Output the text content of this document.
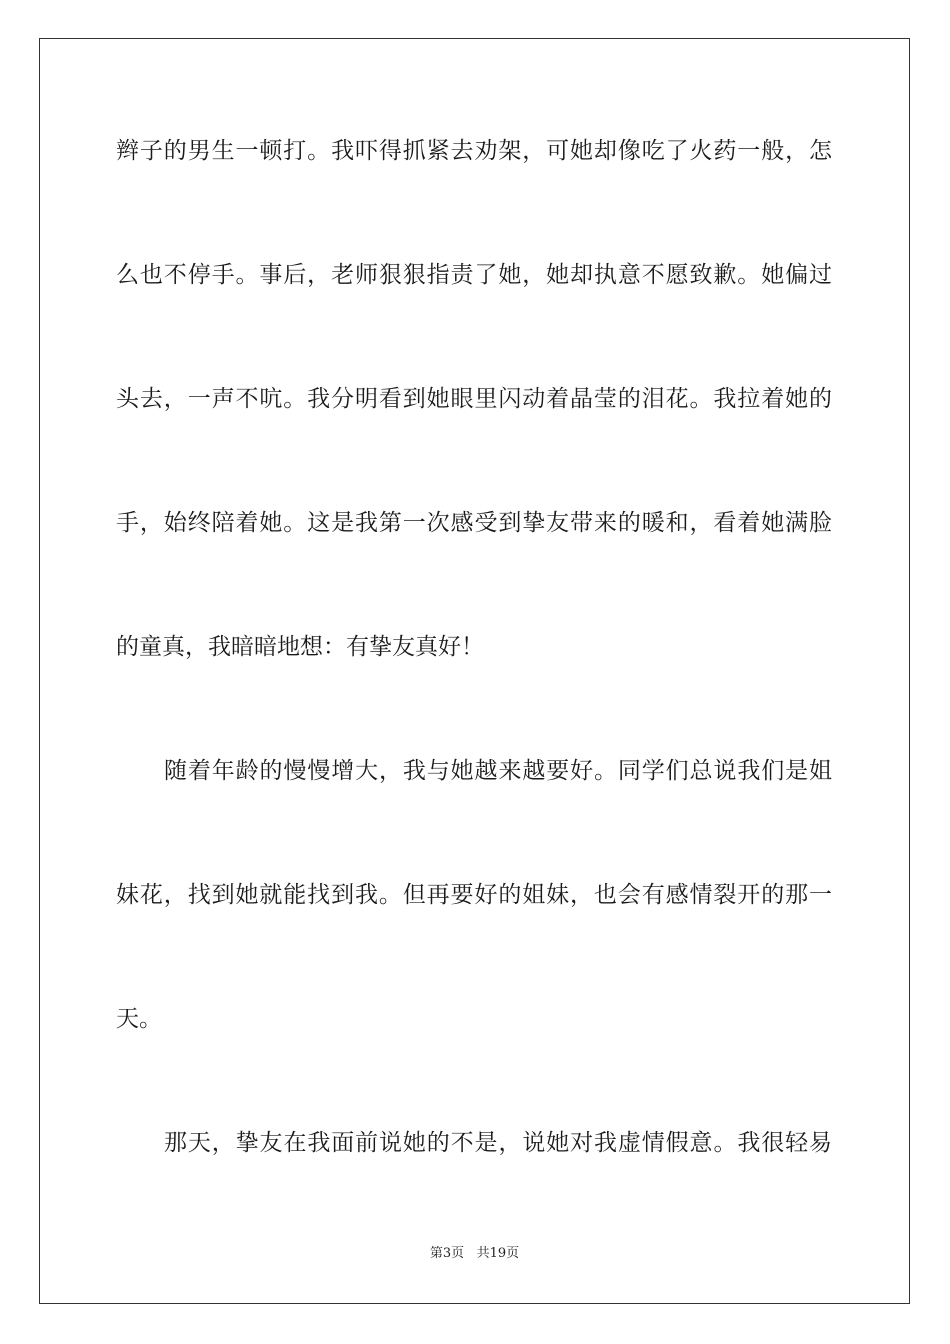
辫子的男生一顿打。我吓得抓紧去劝架，可她却像吃了火药一般，怎
么也不停手。事后，老师狠狠指责了她，她却执意不愿致歉。她偏过
头去，一声不吭。我分明看到她眼里闪动着晶莹的泪花。我拉着她的
手，始终陪着她。这是我第一次感受到挚友带来的暖和，看着她满脸
的童真，我暗暗地想：有挚友真好！
随着年龄的慢慢增大，我与她越来越要好。同学们总说我们是姐
妹花，找到她就能找到我。但再要好的姐妹，也会有感情裂开的那一
天。
那天，挚友在我面前说她的不是，说她对我虚情假意。我很轻易
第3页 共19页
